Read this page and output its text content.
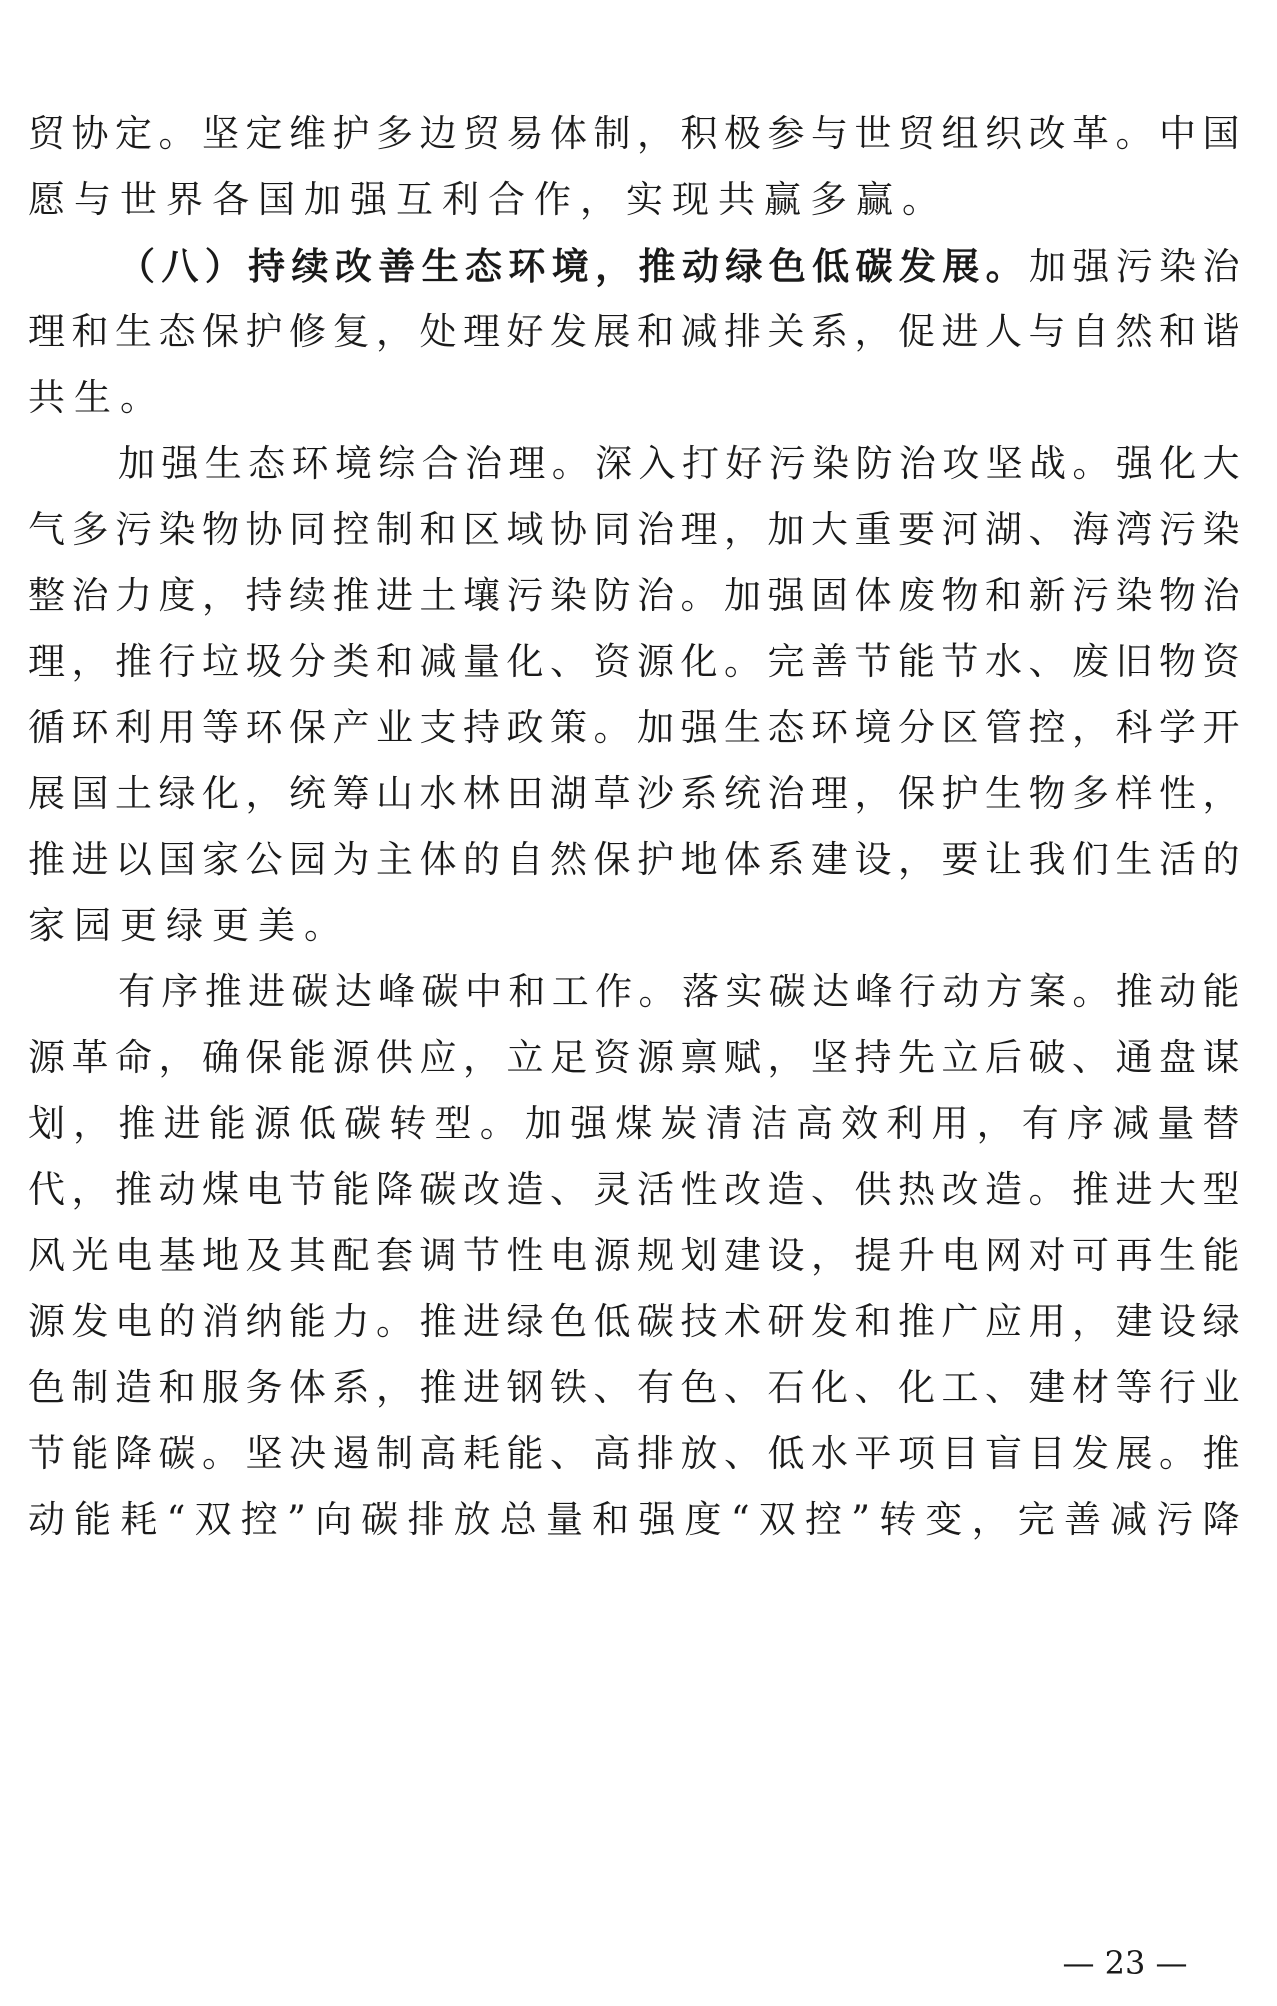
贸协定。坚定维护多边贸易体制，积极参与世贸组织改革。中国
愿与世界各国加强互利合作，实现共赢多赢。
（八）持续改善生态环境，推动绿色低碳发展。加强污染治
理和生态保护修复，处理好发展和减排关系，促进人与自然和谐
共生。
加强生态环境综合治理。深入打好污染防治攻坚战。强化大
气多污染物协同控制和区域协同治理，加大重要河湖、海湾污染
整治力度，持续推进土壤污染防治。加强固体废物和新污染物治
理，推行垃圾分类和减量化、资源化。完善节能节水、废旧物资
循环利用等环保产业支持政策。加强生态环境分区管控，科学开
展国土绿化，统筹山水林田湖草沙系统治理，保护生物多样性，
推进以国家公园为主体的自然保护地体系建设，要让我们生活的
家园更绿更美。
有序推进碳达峰碳中和工作。落实碳达峰行动方案。推动能
源革命，确保能源供应，立足资源禀赋，坚持先立后破、通盘谋
划，推进能源低碳转型。加强煤炭清洁高效利用，有序减量替
代，推动煤电节能降碳改造、灵活性改造、供热改造。推进大型
风光电基地及其配套调节性电源规划建设，提升电网对可再生能
源发电的消纳能力。推进绿色低碳技术研发和推广应用，建设绿
色制造和服务体系，推进钢铁、有色、石化、化工、建材等行业
节能降碳。坚决遏制高耗能、高排放、低水平项目盲目发展。推
动能耗“双控”向碳排放总量和强度“双控”转变，完善减污降
— 23 —
